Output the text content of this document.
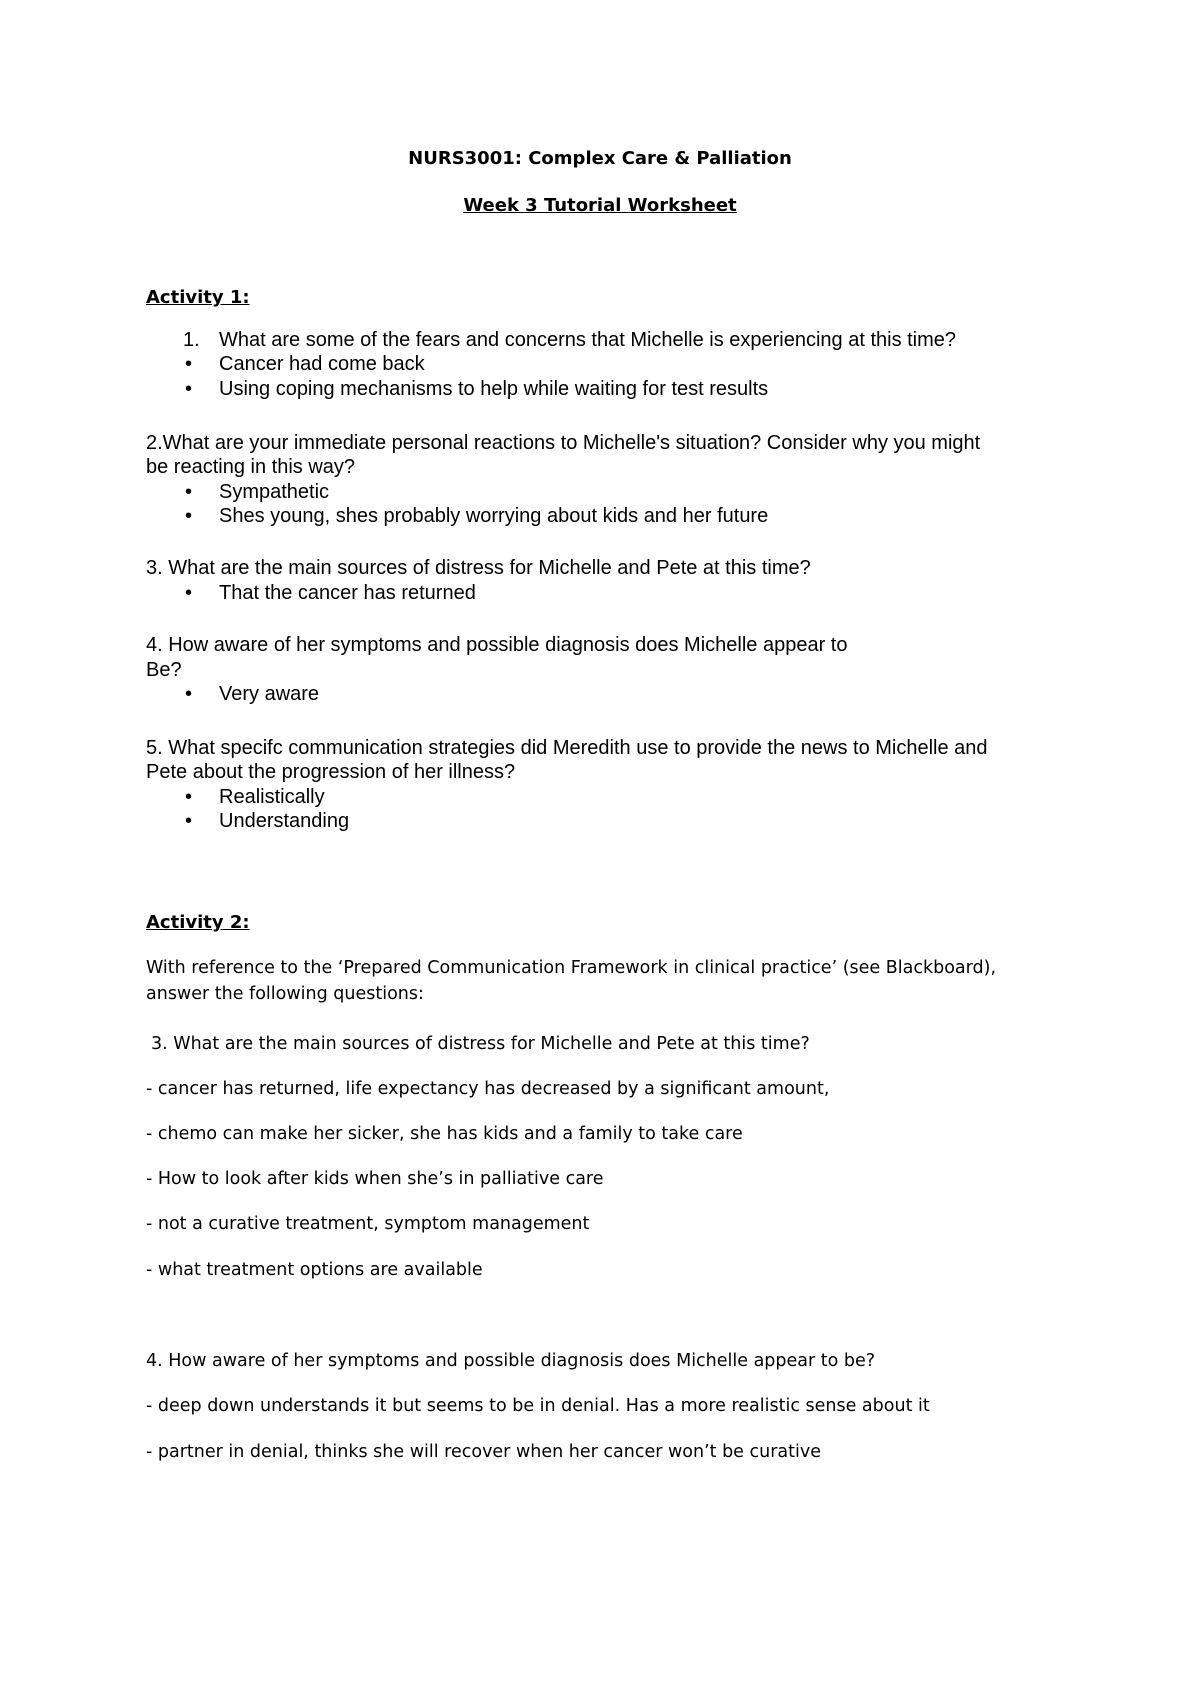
NURS3001: Complex Care & Palliation
Week 3 Tutorial Worksheet
Activity 1:
1. What are some of the fears and concerns that Michelle is experiencing at this time?
• Cancer had come back
• Using coping mechanisms to help while waiting for test results
2.What are your immediate personal reactions to Michelle's situation? Consider why you might
be reacting in this way?
• Sympathetic
• Shes young, shes probably worrying about kids and her future
3. What are the main sources of distress for Michelle and Pete at this time?
• That the cancer has returned
4. How aware of her symptoms and possible diagnosis does Michelle appear to
Be?
• Very aware
5. What specifc communication strategies did Meredith use to provide the news to Michelle and
Pete about the progression of her illness?
• Realistically
• Understanding
Activity 2:
With reference to the ‘Prepared Communication Framework in clinical practice’ (see Blackboard),
answer the following questions:
3. What are the main sources of distress for Michelle and Pete at this time?
- cancer has returned, life expectancy has decreased by a significant amount,
- chemo can make her sicker, she has kids and a family to take care
- How to look after kids when she’s in palliative care
- not a curative treatment, symptom management
- what treatment options are available
4. How aware of her symptoms and possible diagnosis does Michelle appear to be?
- deep down understands it but seems to be in denial. Has a more realistic sense about it
- partner in denial, thinks she will recover when her cancer won’t be curative
